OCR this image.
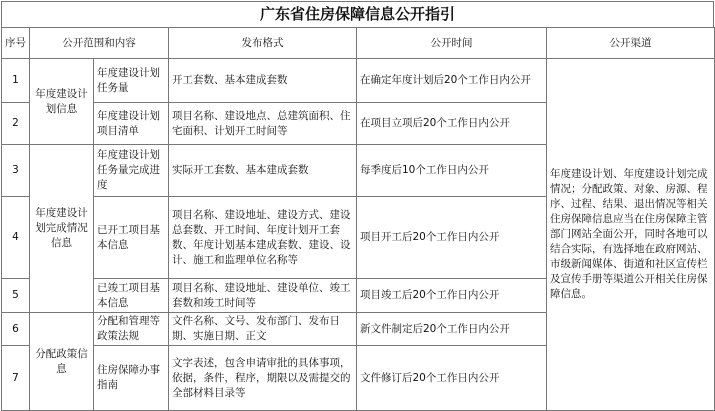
广东省住房保障信息公开指引
序号	公开范围和内容		发布格式	公开时间	公开渠道
1	年度建设计划信息	年度建设计划任务量	开工套数、基本建成套数	在确定年度计划后20个工作日内公开	年度建设计划、年度建设计划完成情况；分配政策、对象、房源、程序、过程、结果、退出情况等相关住房保障信息应当在住房保障主管部门网站全面公开，同时各地可以结合实际，有选择地在政府网站、市级新闻媒体、街道和社区宣传栏及宣传手册等渠道公开相关住房保障信息。
2		年度建设计划项目清单	项目名称、建设地点、总建筑面积、住宅面积、计划开工时间等	在项目立项后20个工作日内公开	
3	年度建设计划完成情况信息	年度建设计划任务量完成进度	实际开工套数、基本建成套数	每季度后10个工作日内公开	
4		已开工项目基本信息	项目名称、建设地址、建设方式、建设总套数、开工时间、年度计划开工套数、年度计划基本建成套数、建设、设计、施工和监理单位名称等	项目开工后20个工作日内公开	
5		已竣工项目基本信息	项目名称、建设地址、建设单位、竣工套数和竣工时间等	项目竣工后20个工作日内公开	
6	分配政策信息	分配和管理等政策法规	文件名称、文号、发布部门、发布日期、实施日期、正文	新文件制定后20个工作日内公开	
7		住房保障办事指南	文字表述，包含申请审批的具体事项，依据，条件，程序，期限以及需提交的全部材料目录等	文件修订后20个工作日内公开	
